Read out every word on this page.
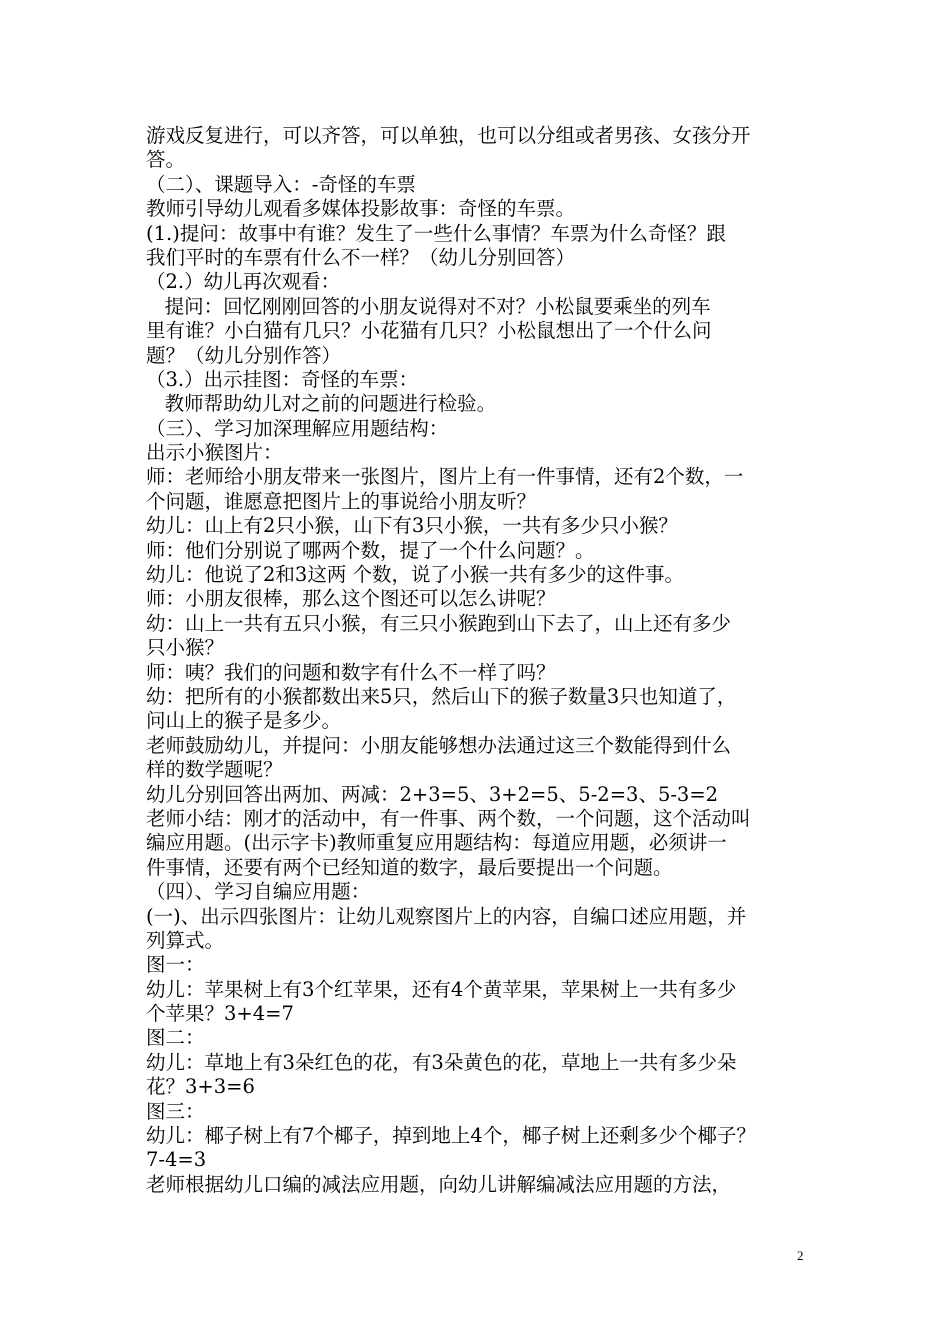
游戏反复进行，可以齐答，可以单独，也可以分组或者男孩、女孩分开
答。
（二）、课题导入：-奇怪的车票
教师引导幼儿观看多媒体投影故事：奇怪的车票。
(1.)提问：故事中有谁？发生了一些什么事情？车票为什么奇怪？跟
我们平时的车票有什么不一样？（幼儿分别回答）
（2.）幼儿再次观看：
提问：回忆刚刚回答的小朋友说得对不对？小松鼠要乘坐的列车
里有谁？小白猫有几只？小花猫有几只？小松鼠想出了一个什么问
题？（幼儿分别作答）
（3.）出示挂图：奇怪的车票：
教师帮助幼儿对之前的问题进行检验。
（三）、学习加深理解应用题结构：
出示小猴图片：
师：老师给小朋友带来一张图片，图片上有一件事情，还有2个数，一
个问题，谁愿意把图片上的事说给小朋友听？
幼儿：山上有2只小猴，山下有3只小猴，一共有多少只小猴？
师：他们分别说了哪两个数，提了一个什么问题？。
幼儿：他说了2和3这两 个数，说了小猴一共有多少的这件事。
师：小朋友很棒，那么这个图还可以怎么讲呢？
幼：山上一共有五只小猴，有三只小猴跑到山下去了，山上还有多少
只小猴？
师：咦？我们的问题和数字有什么不一样了吗？
幼：把所有的小猴都数出来5只，然后山下的猴子数量3只也知道了，
问山上的猴子是多少。
老师鼓励幼儿，并提问：小朋友能够想办法通过这三个数能得到什么
样的数学题呢？
幼儿分别回答出两加、两减：2+3=5、3+2=5、5-2=3、5-3=2
老师小结：刚才的活动中，有一件事、两个数，一个问题，这个活动叫
编应用题。(出示字卡)教师重复应用题结构：每道应用题，必须讲一
件事情，还要有两个已经知道的数字，最后要提出一个问题。
（四）、学习自编应用题：
(一)、出示四张图片：让幼儿观察图片上的内容，自编口述应用题，并
列算式。
图一：
幼儿：苹果树上有3个红苹果，还有4个黄苹果，苹果树上一共有多少
个苹果？3+4=7
图二：
幼儿：草地上有3朵红色的花，有3朵黄色的花，草地上一共有多少朵
花？3+3=6
图三：
幼儿：椰子树上有7个椰子，掉到地上4个，椰子树上还剩多少个椰子？
7-4=3
老师根据幼儿口编的减法应用题，向幼儿讲解编减法应用题的方法，
2
